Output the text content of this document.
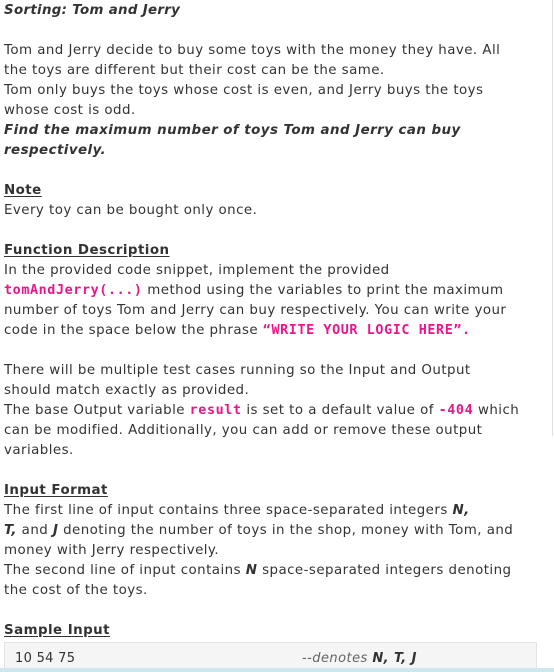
Sorting: Tom and Jerry
Tom and Jerry decide to buy some toys with the money they have. All
the toys are different but their cost can be the same.
Tom only buys the toys whose cost is even, and Jerry buys the toys
whose cost is odd.
Find the maximum number of toys Tom and Jerry can buy
respectively.
Note
Every toy can be bought only once.
Function Description
In the provided code snippet, implement the provided
tomAndJerry(...) method using the variables to print the maximum
number of toys Tom and Jerry can buy respectively. You can write your
code in the space below the phrase “WRITE YOUR LOGIC HERE”.
There will be multiple test cases running so the Input and Output
should match exactly as provided.
The base Output variable result is set to a default value of -404 which
can be modified. Additionally, you can add or remove these output
variables.
Input Format
The first line of input contains three space-separated integers N,
T, and J denoting the number of toys in the shop, money with Tom, and
money with Jerry respectively.
The second line of input contains N space-separated integers denoting
the cost of the toys.
Sample Input
10 54 75	--denotes N, T, J
